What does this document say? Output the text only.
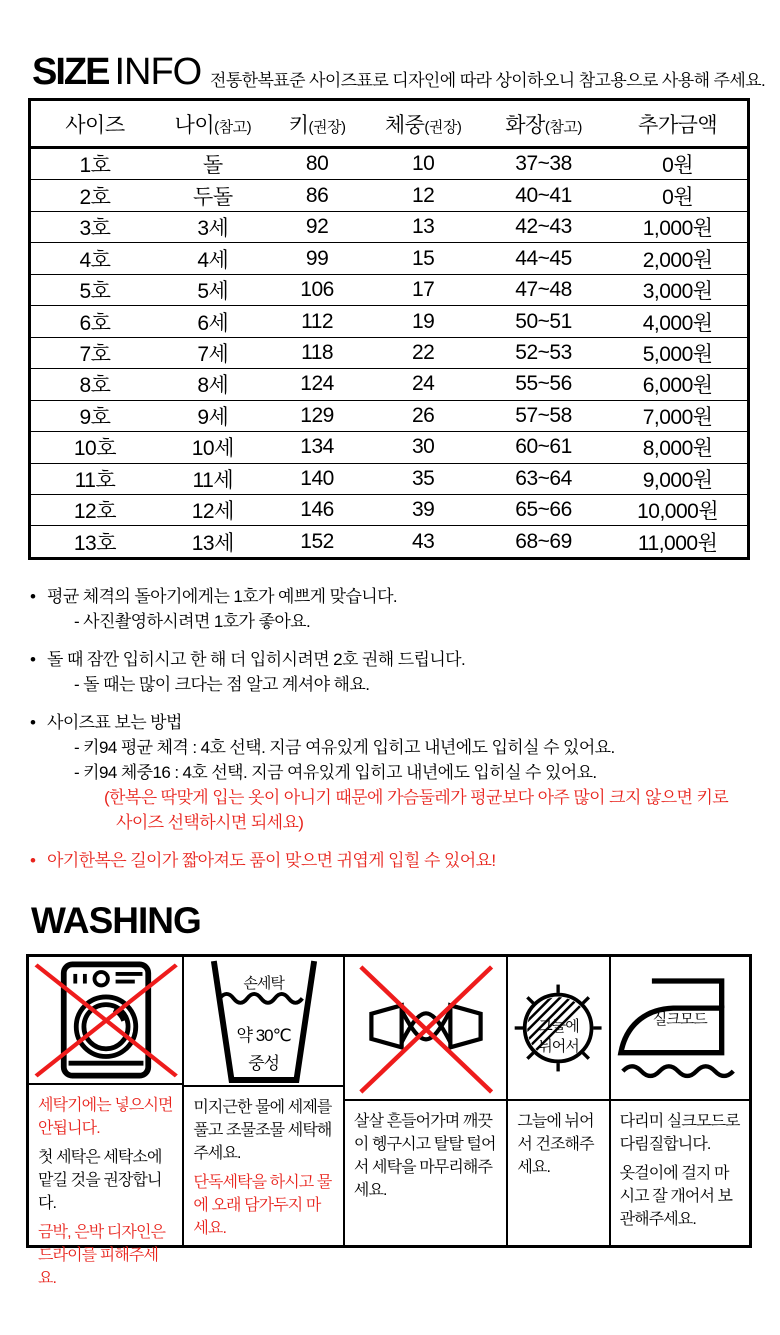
SIZE INFO 전통한복표준 사이즈표로 디자인에 따라 상이하오니 참고용으로 사용해 주세요.
사이즈	나이(참고)	키(권장)	체중(권장)	화장(참고)	추가금액
1호	돌	80	10	37~38	0원
2호	두돌	86	12	40~41	0원
3호	3세	92	13	42~43	1,000원
4호	4세	99	15	44~45	2,000원
5호	5세	106	17	47~48	3,000원
6호	6세	112	19	50~51	4,000원
7호	7세	118	22	52~53	5,000원
8호	8세	124	24	55~56	6,000원
9호	9세	129	26	57~58	7,000원
10호	10세	134	30	60~61	8,000원
11호	11세	140	35	63~64	9,000원
12호	12세	146	39	65~66	10,000원
13호	13세	152	43	68~69	11,000원
• 평균 체격의 돌아기에게는 1호가 예쁘게 맞습니다.
- 사진촬영하시려면 1호가 좋아요.
• 돌 때 잠깐 입히시고 한 해 더 입히시려면 2호 권해 드립니다.
- 돌 때는 많이 크다는 점 알고 계셔야 해요.
• 사이즈표 보는 방법
- 키94 평균 체격 : 4호 선택. 지금 여유있게 입히고 내년에도 입히실 수 있어요.
- 키94 체중16 : 4호 선택. 지금 여유있게 입히고 내년에도 입히실 수 있어요.
(한복은 딱맞게 입는 옷이 아니기 때문에 가슴둘레가 평균보다 아주 많이 크지 않으면 키로
사이즈 선택하시면 되세요)
• 아기한복은 길이가 짧아져도 품이 맞으면 귀엽게 입힐 수 있어요!
WASHING

세탁기에는 넣으시면 안됩니다.

첫 세탁은 세탁소에 맡길 것을 권장합니다.

금박, 은박 디자인은 드라이를 피해주세요.

손세탁
약 30℃
중성

미지근한 물에 세제를 풀고 조물조물 세탁해주세요.

단독세탁을 하시고 물에 오래 담가두지 마세요.

살살 흔들어가며 깨끗이 헹구시고 탈탈 털어서 세탁을 마무리해주세요.

그늘에
뉘어서

그늘에 뉘어서 건조해주세요.

실크모드

다리미 실크모드로 다림질합니다.

옷걸이에 걸지 마시고 잘 개어서 보관해주세요.
